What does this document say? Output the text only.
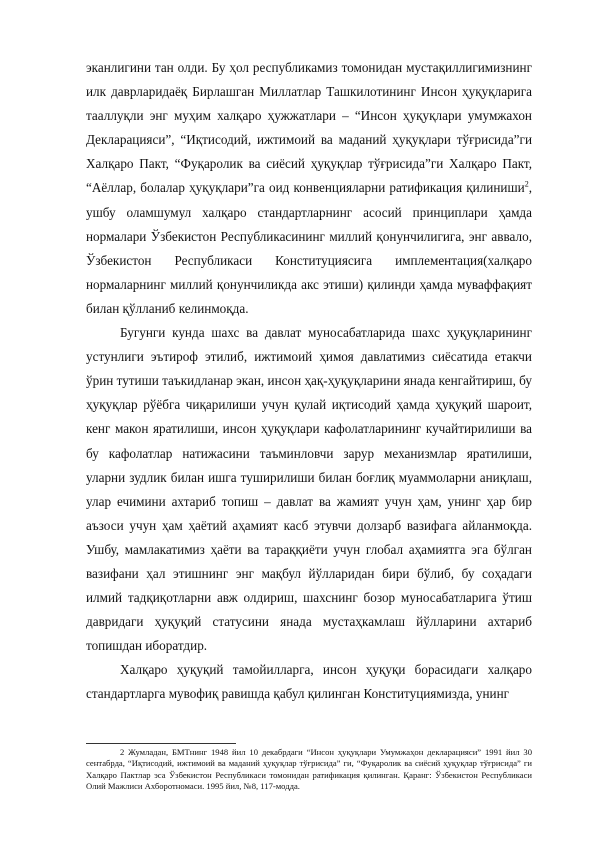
эканлигини тан олди. Бу ҳол республикамиз томонидан мустақиллигимизнинг илк даврларидаёқ Бирлашган Миллатлар Ташкилотининг Инсон ҳуқуқларига тааллуқли энг муҳим халқаро ҳужжатлари – “Инсон ҳуқуқлари умумжахон Декларацияси”, “Иқтисодий, ижтимоий ва маданий ҳуқуқлари тўғрисида”ги Халқаро Пакт, “Фуқаролик ва сиёсий ҳуқуқлар тўғрисида”ги Халқаро Пакт, “Аёллар, болалар ҳуқуқлари”га оид конвенцияларни ратификация қилиниши$^2$, ушбу оламшумул халқаро стандартларнинг асосий принциплари ҳамда нормалари Ўзбекистон Республикасининг миллий қонунчилигига, энг аввало, Ўзбекистон Республикаси Конституциясига имплементация(халқаро нормаларнинг миллий қонунчиликда акс этиши) қилинди ҳамда муваффақият билан қўлланиб келинмоқда.

Бугунги кунда шахс ва давлат муносабатларида шахс ҳуқуқларининг устунлиги эътироф этилиб, ижтимоий ҳимоя давлатимиз сиёсатида етакчи ўрин тутиши таъкидланар экан, инсон ҳақ-ҳуқуқларини янада кенгайтириш, бу ҳуқуқлар рўёбга чиқарилиши учун қулай иқтисодий ҳамда ҳуқуқий шароит, кенг макон яратилиши, инсон ҳуқуқлари кафолатларининг кучайтирилиши ва бу кафолатлар натижасини таъминловчи зарур механизмлар яратилиши, уларни зудлик билан ишга туширилиши билан боғлиқ муаммоларни аниқлаш, улар ечимини ахтариб топиш – давлат ва жамият учун ҳам, унинг ҳар бир аъзоси учун ҳам ҳаётий аҳамият касб этувчи долзарб вазифага айланмоқда. Ушбу, мамлакатимиз ҳаёти ва тараққиёти учун глобал аҳамиятга эга бўлган вазифани ҳал этишнинг энг мақбул йўлларидан бири бўлиб, бу соҳадаги илмий тадқиқотларни авж олдириш, шахснинг бозор муносабатларига ўтиш давридаги ҳуқуқий статусини янада мустаҳкамлаш йўлларини ахтариб топишдан иборатдир.

Халқаро ҳуқуқий тамойилларга, инсон ҳуқуқи борасидаги халқаро стандартларга мувофиқ равишда қабул қилинган Конституциямизда, унинг

2 Жумладан, БМТнинг 1948 йил 10 декабрдаги “Инсон ҳуқуқлари Умумжаҳон декларацияси” 1991 йил 30 сентабрда, “Иқтисодий, ижтимоий ва маданий ҳуқуқлар тўғрисида” ги, “Фуқаролик ва сиёсий ҳуқуқлар тўғрисида” ги Халқаро Пактлар эса Ўзбекистон Республикаси томонидан ратификация қилинган. Қаранг: Ўзбекистон Республикаси Олий Мажлиси Ахборотномаси. 1995 йил, №8, 117-модда.
